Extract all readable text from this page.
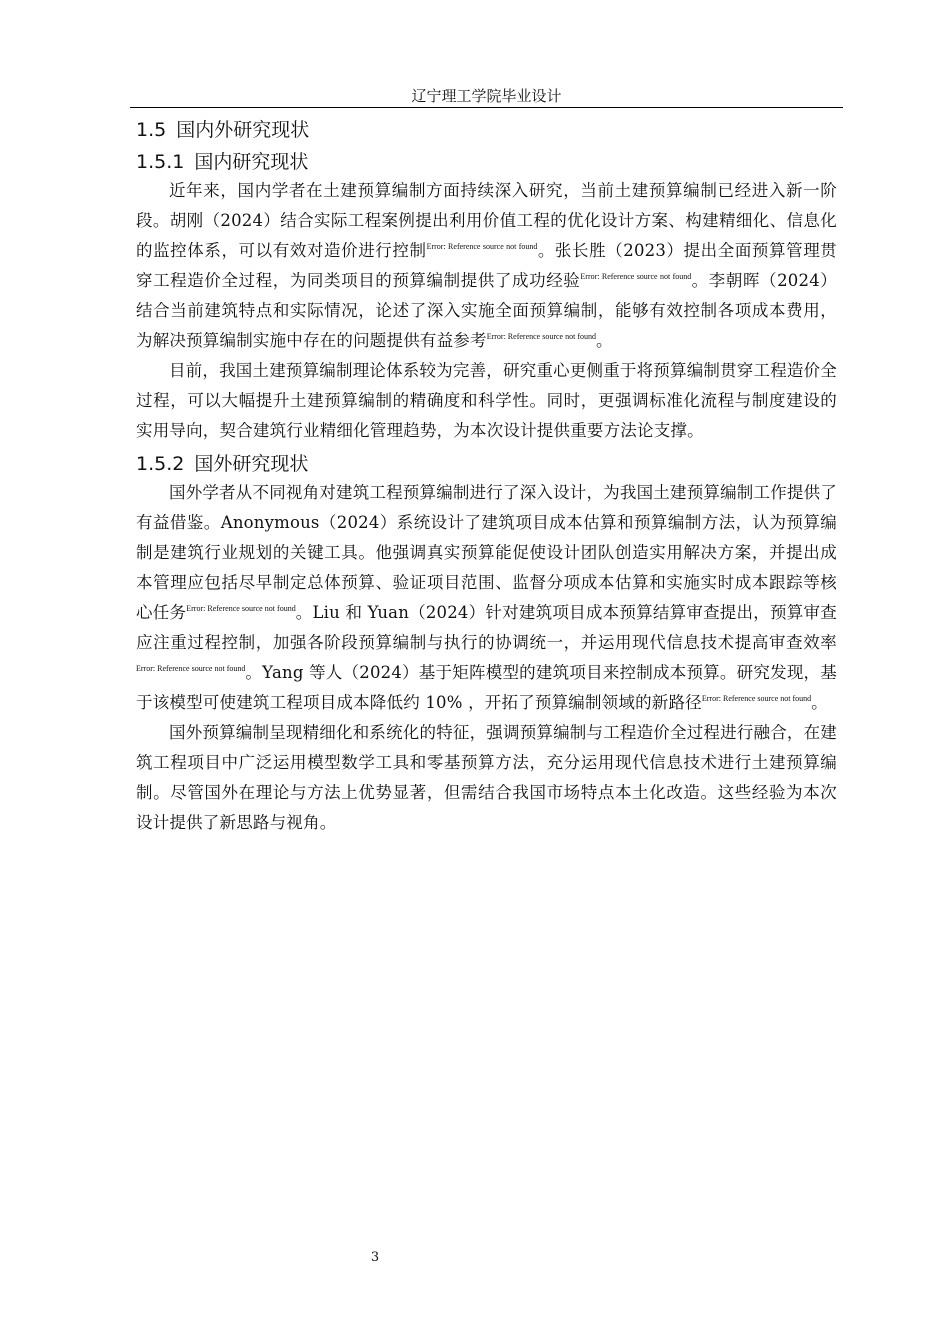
辽宁理工学院毕业设计
1.5 国内外研究现状
1.5.1 国内研究现状

近年来，国内学者在土建预算编制方面持续深入研究，当前土建预算编制已经进入新一阶段。胡刚（2024）结合实际工程案例提出利用价值工程的优化设计方案、构建精细化、信息化的监控体系，可以有效对造价进行控制$^{Error: Reference source not found}$。张长胜（2023）提出全面预算管理贯穿工程造价全过程，为同类项目的预算编制提供了成功经验$^{Error: Reference source not found}$。李朝晖（2024）结合当前建筑特点和实际情况，论述了深入实施全面预算编制，能够有效控制各项成本费用，为解决预算编制实施中存在的问题提供有益参考$^{Error: Reference source not found}$。

目前，我国土建预算编制理论体系较为完善，研究重心更侧重于将预算编制贯穿工程造价全过程，可以大幅提升土建预算编制的精确度和科学性。同时，更强调标准化流程与制度建设的实用导向，契合建筑行业精细化管理趋势，为本次设计提供重要方法论支撑。

1.5.2 国外研究现状

国外学者从不同视角对建筑工程预算编制进行了深入设计，为我国土建预算编制工作提供了有益借鉴。Anonymous（2024）系统设计了建筑项目成本估算和预算编制方法，认为预算编制是建筑行业规划的关键工具。他强调真实预算能促使设计团队创造实用解决方案，并提出成本管理应包括尽早制定总体预算、验证项目范围、监督分项成本估算和实施实时成本跟踪等核心任务$^{Error: Reference source not found}$。Liu 和 Yuan（2024）针对建筑项目成本预算结算审查提出，预算审查应注重过程控制，加强各阶段预算编制与执行的协调统一，并运用现代信息技术提高审查效率$^{Error: Reference source not found}$。Yang 等人（2024）基于矩阵模型的建筑项目来控制成本预算。研究发现，基于该模型可使建筑工程项目成本降低约 10% ，开拓了预算编制领域的新路径$^{Error: Reference source not found}$。

国外预算编制呈现精细化和系统化的特征，强调预算编制与工程造价全过程进行融合，在建筑工程项目中广泛运用模型数学工具和零基预算方法，充分运用现代信息技术进行土建预算编制。尽管国外在理论与方法上优势显著，但需结合我国市场特点本土化改造。这些经验为本次设计提供了新思路与视角。

3
